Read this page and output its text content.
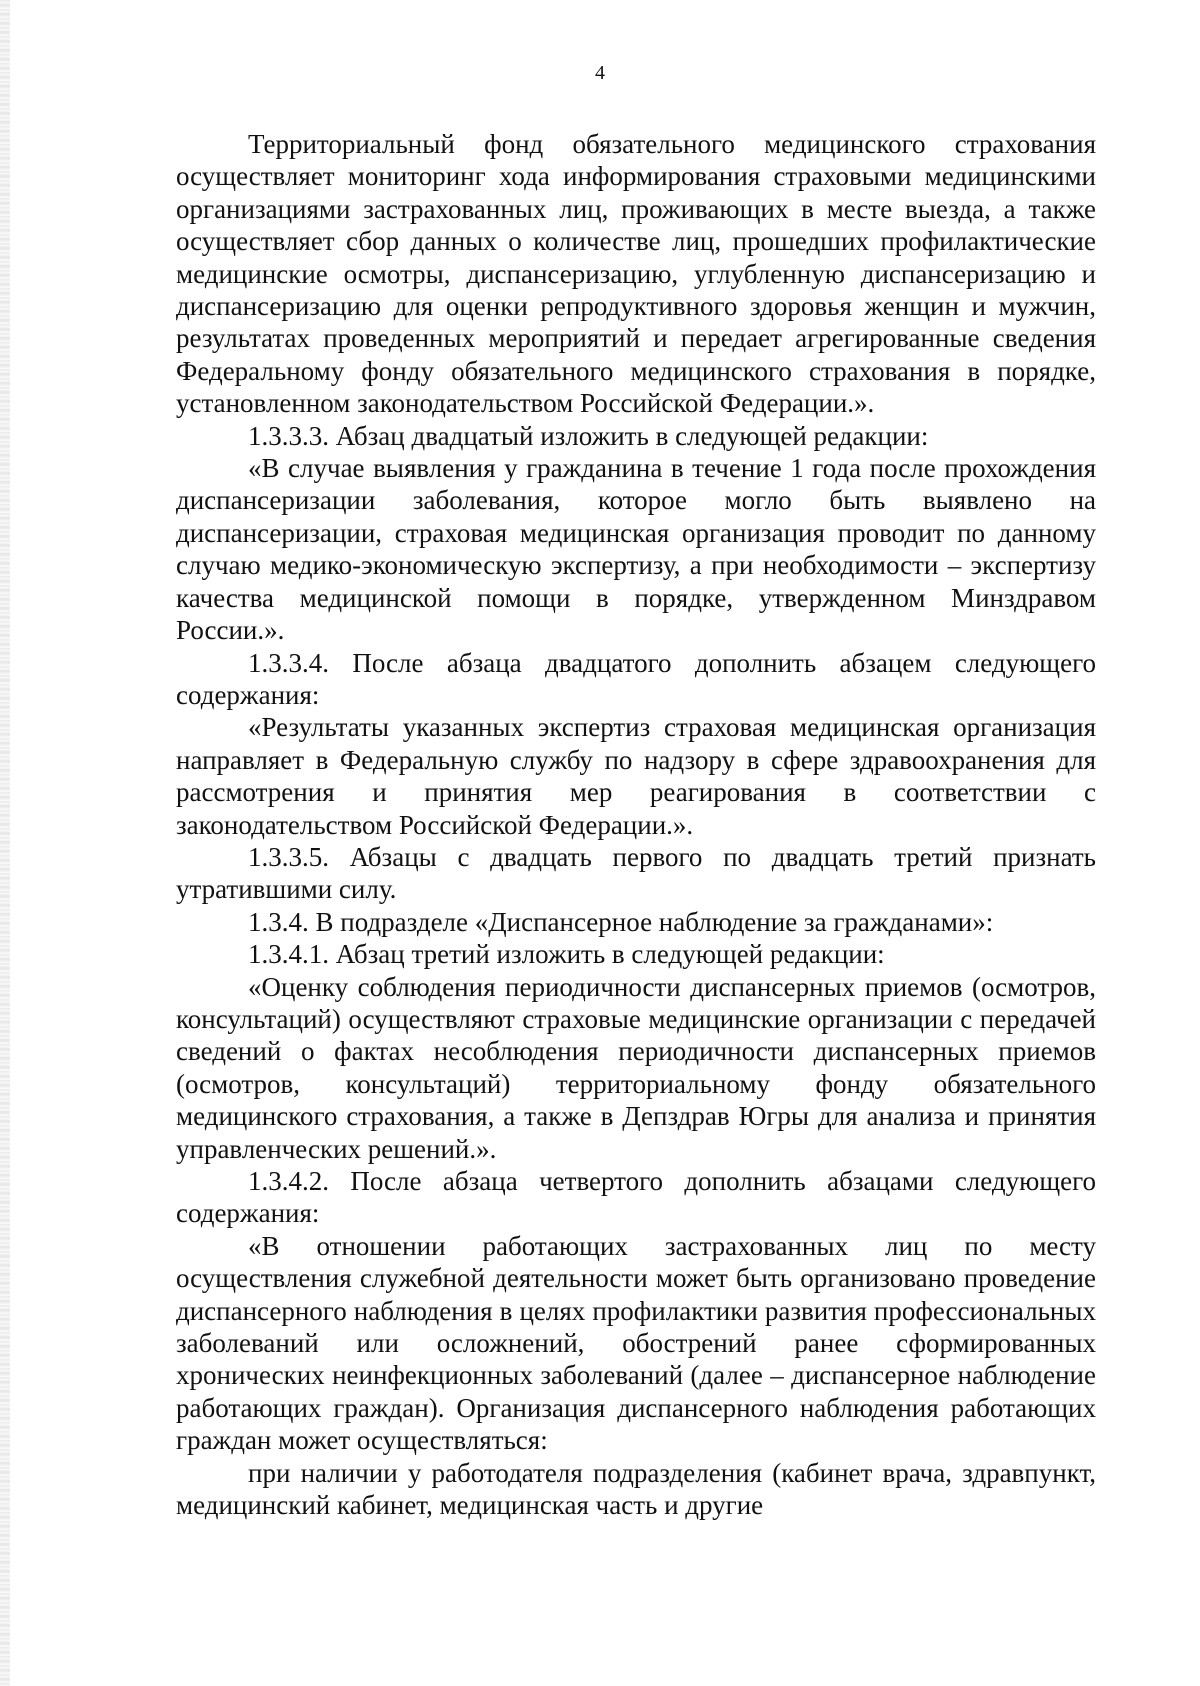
4

Территориальный фонд обязательного медицинского страхования осуществляет мониторинг хода информирования страховыми медицинскими организациями застрахованных лиц, проживающих в месте выезда, а также осуществляет сбор данных о количестве лиц, прошедших профилактические медицинские осмотры, диспансеризацию, углубленную диспансеризацию и диспансеризацию для оценки репродуктивного здоровья женщин и мужчин, результатах проведенных мероприятий и передает агрегированные сведения Федеральному фонду обязательного медицинского страхования в порядке, установленном законодательством Российской Федерации.».

1.3.3.3. Абзац двадцатый изложить в следующей редакции:

«В случае выявления у гражданина в течение 1 года после прохождения диспансеризации заболевания, которое могло быть выявлено на диспансеризации, страховая медицинская организация проводит по данному случаю медико-экономическую экспертизу, а при необходимости – экспертизу качества медицинской помощи в порядке, утвержденном Минздравом России.».

1.3.3.4. После абзаца двадцатого дополнить абзацем следующего содержания:

«Результаты указанных экспертиз страховая медицинская организация направляет в Федеральную службу по надзору в сфере здравоохранения для рассмотрения и принятия мер реагирования в соответствии с законодательством Российской Федерации.».

1.3.3.5. Абзацы с двадцать первого по двадцать третий признать утратившими силу.

1.3.4. В подразделе «Диспансерное наблюдение за гражданами»:

1.3.4.1. Абзац третий изложить в следующей редакции:

«Оценку соблюдения периодичности диспансерных приемов (осмотров, консультаций) осуществляют страховые медицинские организации с передачей сведений о фактах несоблюдения периодичности диспансерных приемов (осмотров, консультаций) территориальному фонду обязательного медицинского страхования, а также в Депздрав Югры для анализа и принятия управленческих решений.».

1.3.4.2. После абзаца четвертого дополнить абзацами следующего содержания:

«В отношении работающих застрахованных лиц по месту осуществления служебной деятельности может быть организовано проведение диспансерного наблюдения в целях профилактики развития профессиональных заболеваний или осложнений, обострений ранее сформированных хронических неинфекционных заболеваний (далее – диспансерное наблюдение работающих граждан). Организация диспансерного наблюдения работающих граждан может осуществляться:

при наличии у работодателя подразделения (кабинет врача, здравпункт, медицинский кабинет, медицинская часть и другие
